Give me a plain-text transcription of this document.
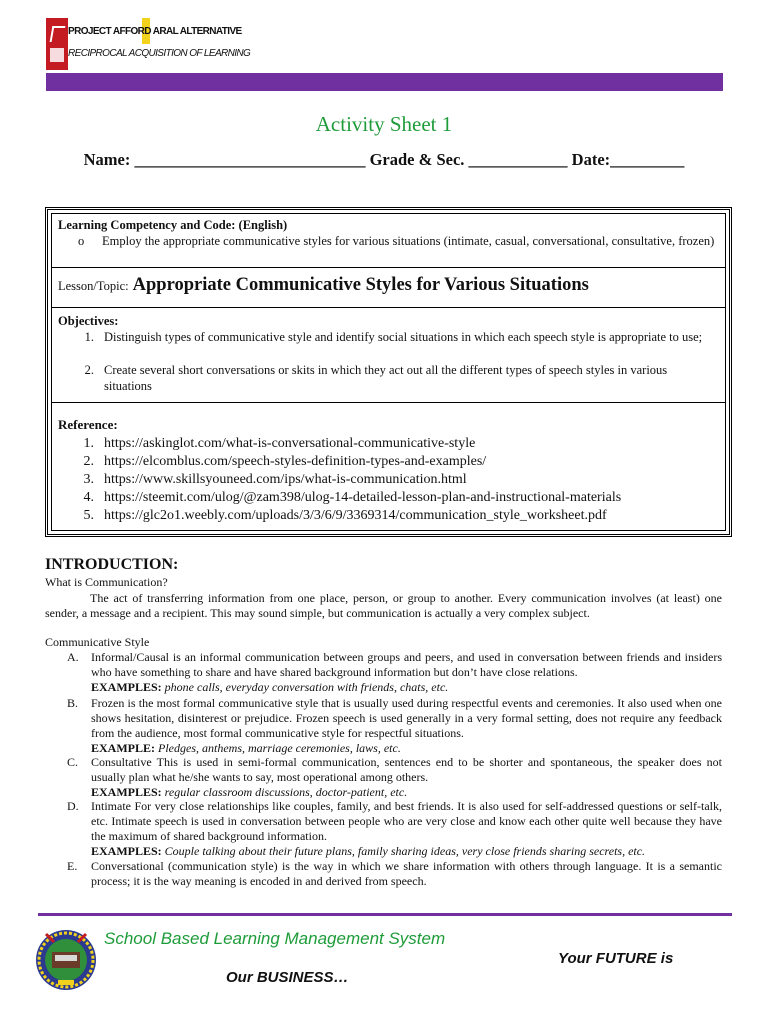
PROJECT AFFORD ARAL ALTERNATIVE
RECIPROCAL ACQUISITION OF LEARNING
Activity Sheet 1
Name: ____________________________ Grade & Sec. ____________ Date:_________
Learning Competency and Code: (English)
o Employ the appropriate communicative styles for various situations (intimate, casual, conversational, consultative, frozen)
Lesson/Topic: Appropriate Communicative Styles for Various Situations
Objectives:
1. Distinguish types of communicative style and identify social situations in which each speech style is appropriate to use;
2. Create several short conversations or skits in which they act out all the different types of speech styles in various situations
Reference:
1. https://askinglot.com/what-is-conversational-communicative-style
2. https://elcomblus.com/speech-styles-definition-types-and-examples/
3. https://www.skillsyouneed.com/ips/what-is-communication.html
4. https://steemit.com/ulog/@zam398/ulog-14-detailed-lesson-plan-and-instructional-materials
5. https://glc2o1.weebly.com/uploads/3/3/6/9/3369314/communication_style_worksheet.pdf
INTRODUCTION:
What is Communication?
The act of transferring information from one place, person, or group to another. Every communication involves (at least) one sender, a message and a recipient. This may sound simple, but communication is actually a very complex subject.
Communicative Style
A. Informal/Causal is an informal communication between groups and peers, and used in conversation between friends and insiders who have something to share and have shared background information but don’t have close relations.
EXAMPLES: phone calls, everyday conversation with friends, chats, etc.
B. Frozen is the most formal communicative style that is usually used during respectful events and ceremonies. It also used when one shows hesitation, disinterest or prejudice. Frozen speech is used generally in a very formal setting, does not require any feedback from the audience, most formal communicative style for respectful situations.
EXAMPLE: Pledges, anthems, marriage ceremonies, laws, etc.
C. Consultative This is used in semi-formal communication, sentences end to be shorter and spontaneous, the speaker does not usually plan what he/she wants to say, most operational among others.
EXAMPLES: regular classroom discussions, doctor-patient, etc.
D. Intimate For very close relationships like couples, family, and best friends. It is also used for self-addressed questions or self-talk, etc. Intimate speech is used in conversation between people who are very close and know each other quite well because they have the maximum of shared background information.
EXAMPLES: Couple talking about their future plans, family sharing ideas, very close friends sharing secrets, etc.
E. Conversational (communication style) is the way in which we share information with others through language. It is a semantic process; it is the way meaning is encoded in and derived from speech.
School Based Learning Management System
Your FUTURE is
Our BUSINESS…
